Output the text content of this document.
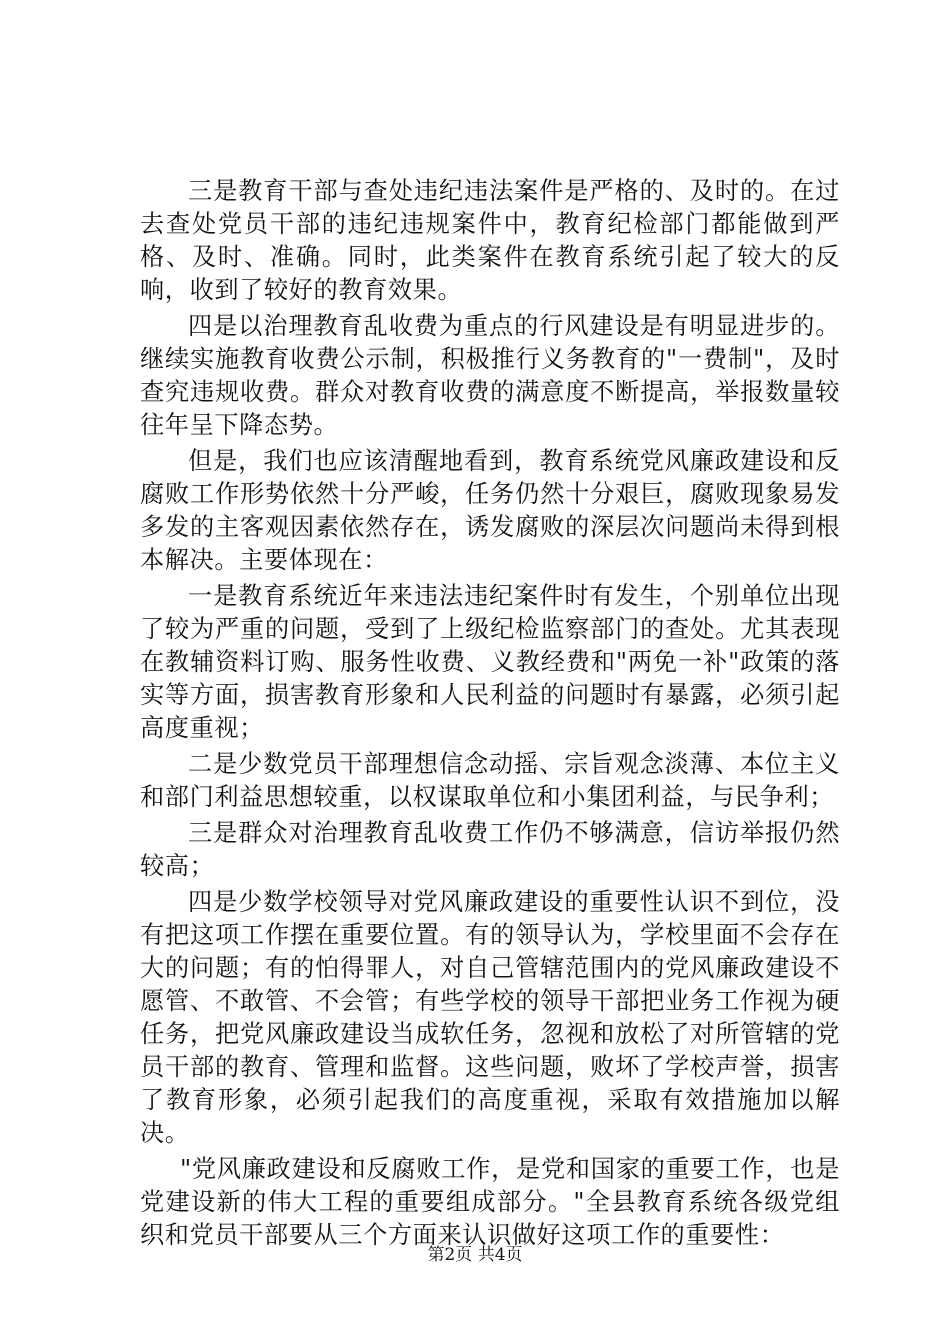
三是教育干部与查处违纪违法案件是严格的、及时的。在过去查处党员干部的违纪违规案件中，教育纪检部门都能做到严格、及时、准确。同时，此类案件在教育系统引起了较大的反响，收到了较好的教育效果。

四是以治理教育乱收费为重点的行风建设是有明显进步的。继续实施教育收费公示制，积极推行义务教育的"一费制"，及时查究违规收费。群众对教育收费的满意度不断提高，举报数量较往年呈下降态势。

但是，我们也应该清醒地看到，教育系统党风廉政建设和反腐败工作形势依然十分严峻，任务仍然十分艰巨，腐败现象易发多发的主客观因素依然存在，诱发腐败的深层次问题尚未得到根本解决。主要体现在：

一是教育系统近年来违法违纪案件时有发生，个别单位出现了较为严重的问题，受到了上级纪检监察部门的查处。尤其表现在教辅资料订购、服务性收费、义教经费和"两免一补"政策的落实等方面，损害教育形象和人民利益的问题时有暴露，必须引起高度重视；

二是少数党员干部理想信念动摇、宗旨观念淡薄、本位主义和部门利益思想较重，以权谋取单位和小集团利益，与民争利；

三是群众对治理教育乱收费工作仍不够满意，信访举报仍然较高；

四是少数学校领导对党风廉政建设的重要性认识不到位，没有把这项工作摆在重要位置。有的领导认为，学校里面不会存在大的问题；有的怕得罪人，对自己管辖范围内的党风廉政建设不愿管、不敢管、不会管；有些学校的领导干部把业务工作视为硬任务，把党风廉政建设当成软任务，忽视和放松了对所管辖的党员干部的教育、管理和监督。这些问题，败坏了学校声誉，损害了教育形象，必须引起我们的高度重视，采取有效措施加以解决。

"党风廉政建设和反腐败工作，是党和国家的重要工作，也是党建设新的伟大工程的重要组成部分。"全县教育系统各级党组织和党员干部要从三个方面来认识做好这项工作的重要性：

第2页 共4页
